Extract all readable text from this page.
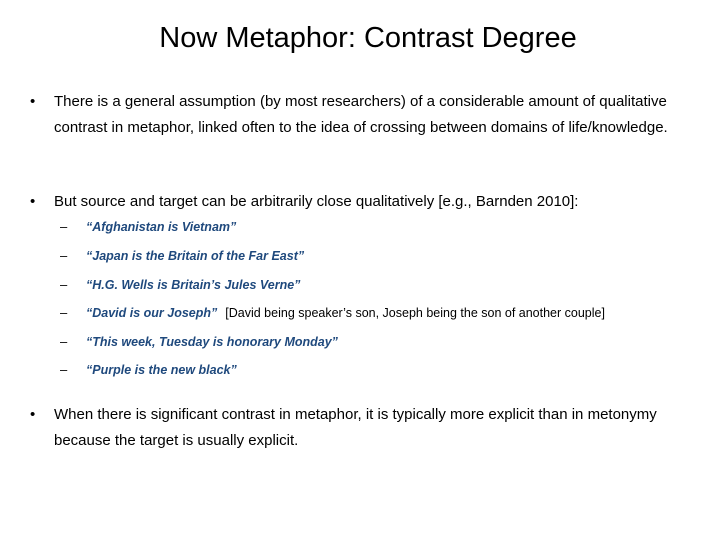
Now Metaphor: Contrast Degree
• There is a general assumption (by most researchers) of a considerable amount of qualitative contrast in metaphor, linked often to the idea of crossing between domains of life/knowledge.
• But source and target can be arbitrarily close qualitatively [e.g., Barnden 2010]:
– “Afghanistan is Vietnam”
– “Japan is the Britain of the Far East”
– “H.G. Wells is Britain’s Jules Verne”
– “David is our Joseph” [David being speaker’s son, Joseph being the son of another couple]
– “This week, Tuesday is honorary Monday”
– “Purple is the new black”
• When there is significant contrast in metaphor, it is typically more explicit than in metonymy because the target is usually explicit.
